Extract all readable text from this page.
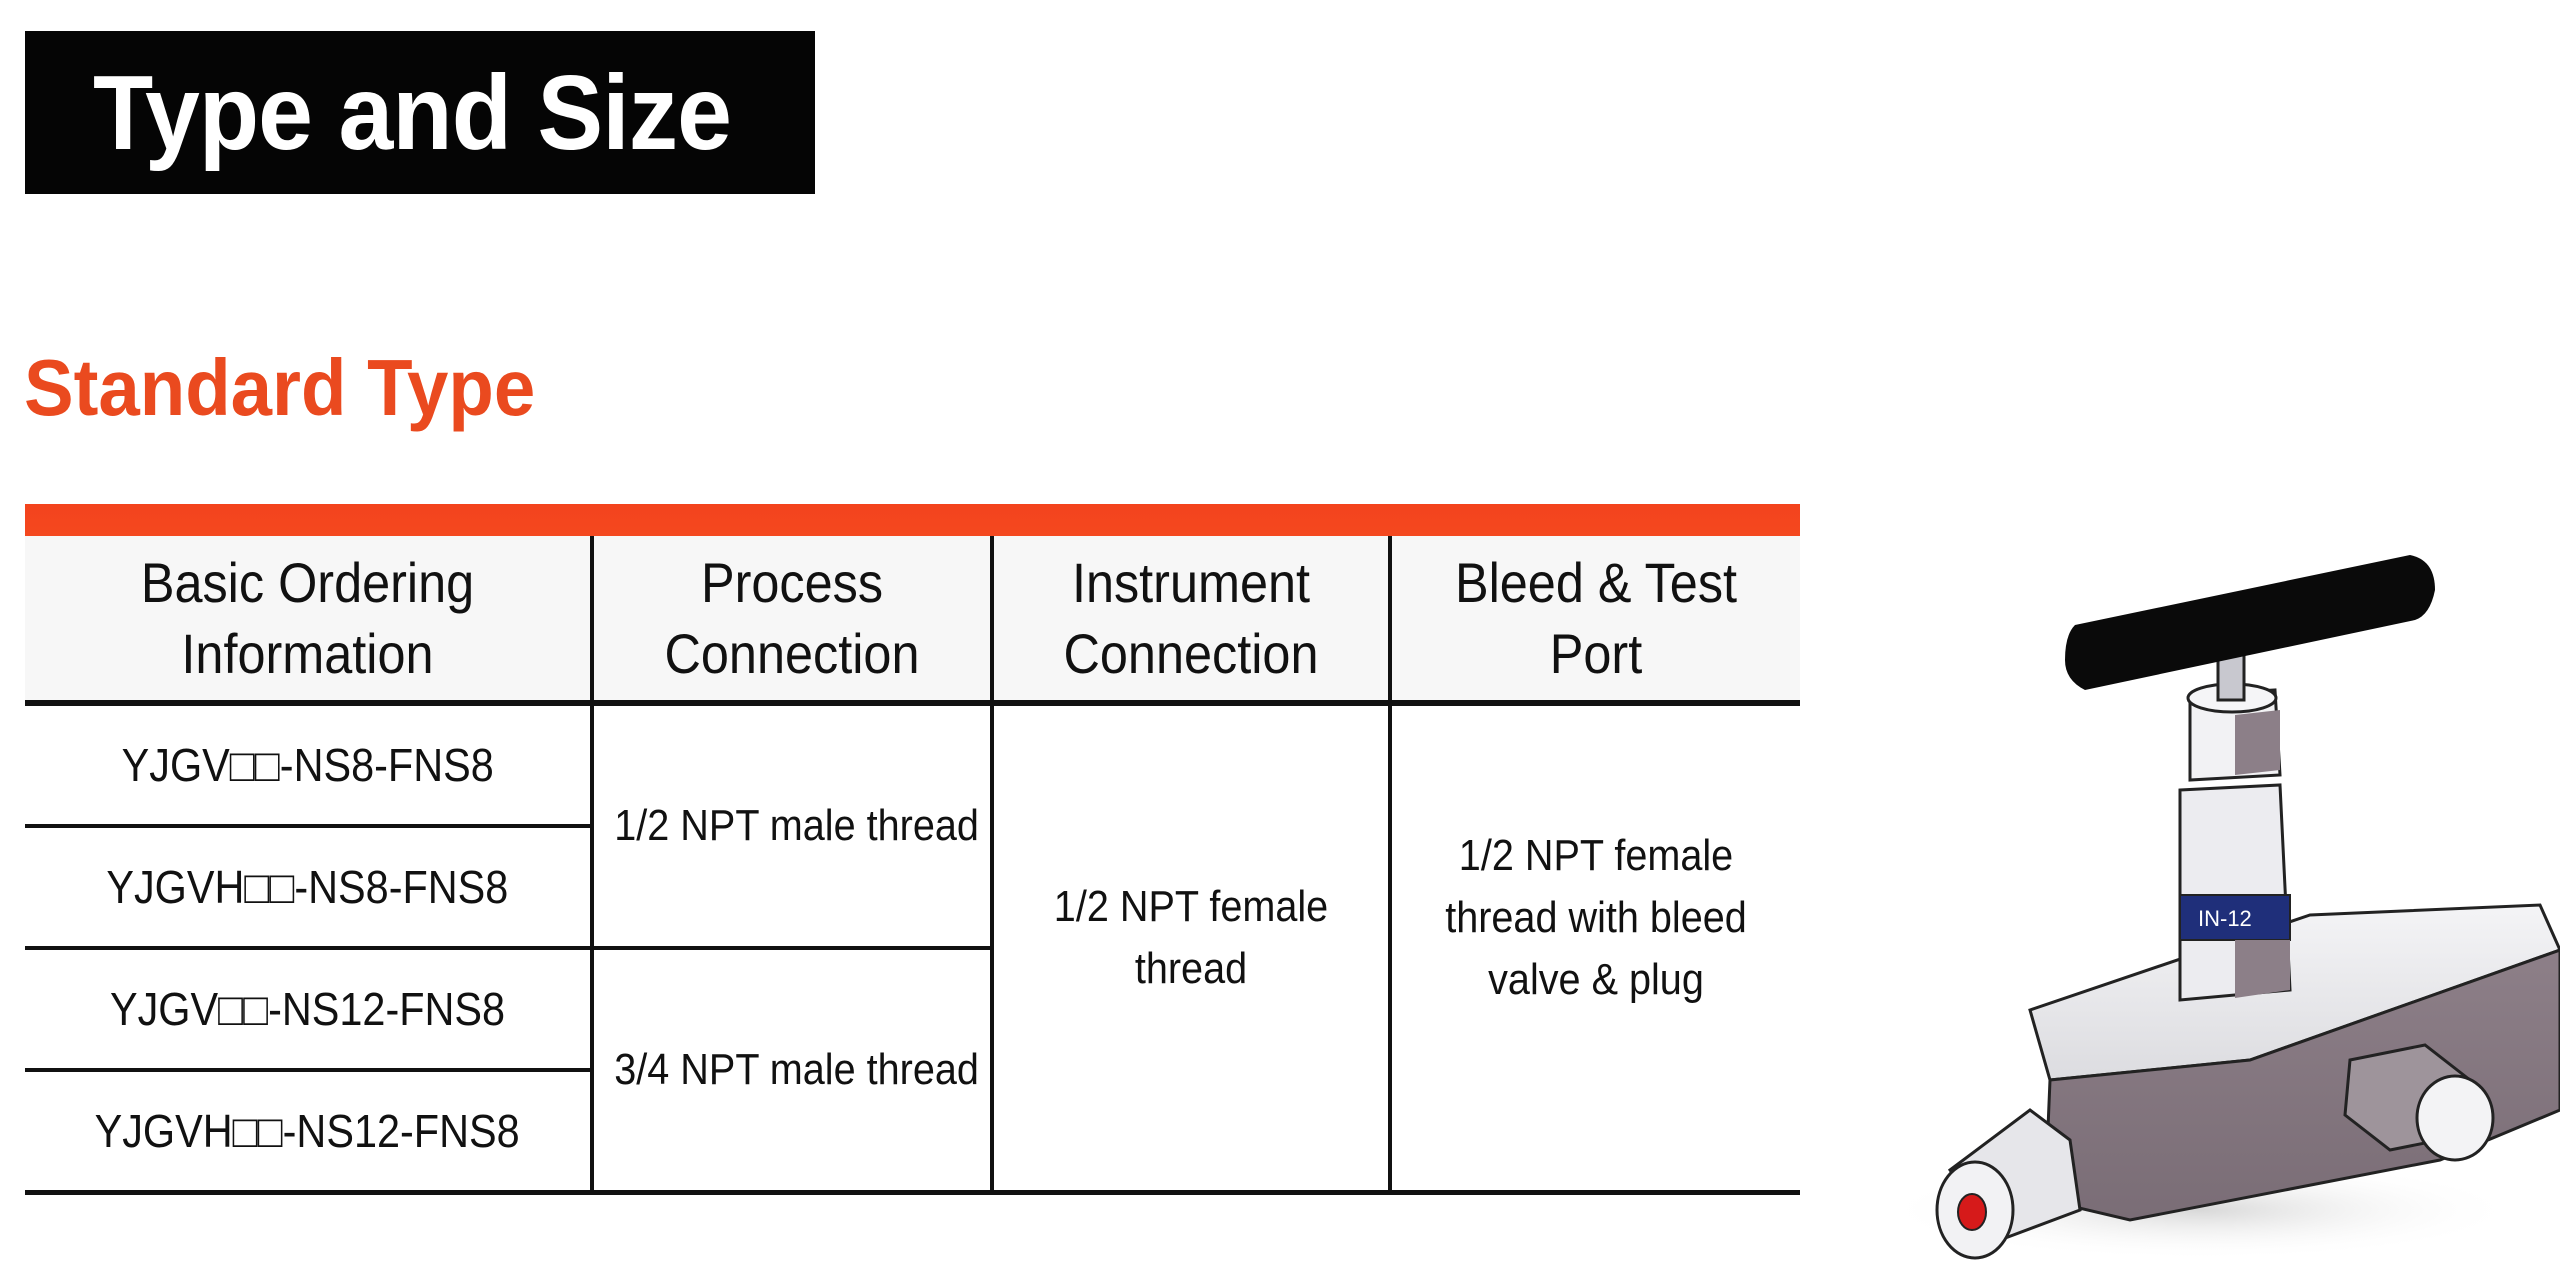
Type and Size
Standard Type
Basic Ordering Information	Process Connection	Instrument Connection	Bleed & Test Port
YJGV□□-NS8-FNS8	1/2 NPT male thread	1/2 NPT female thread	1/2 NPT female thread with bleed valve & plug
YJGVH□□-NS8-FNS8			
YJGV□□-NS12-FNS8	3/4 NPT male thread		
YJGVH□□-NS12-FNS8			
IN-12
